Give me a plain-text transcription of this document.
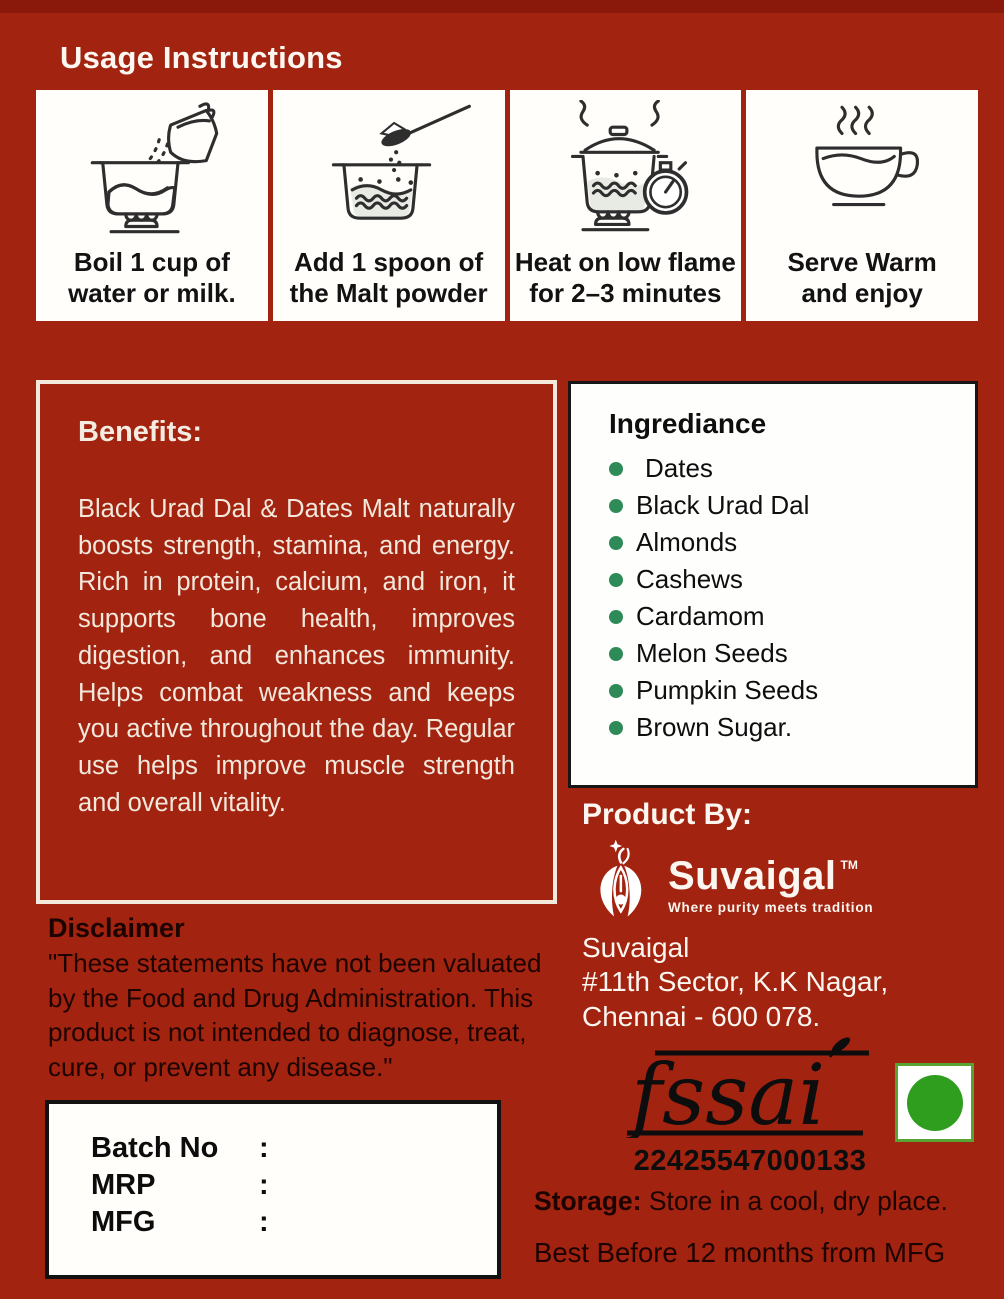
Usage Instructions
Boil 1 cup of
water or milk.
Add 1 spoon of
the Malt powder
Heat on low flame
for 2–3 minutes
Serve Warm
and enjoy
Benefits:

Black Urad Dal & Dates Malt naturally boosts strength, stamina, and energy. Rich in protein, calcium, and iron, it supports bone health, improves digestion, and enhances immunity. Helps combat weakness and keeps you active throughout the day. Regular use helps improve muscle strength and overall vitality.

Ingrediance
Dates
Black Urad Dal
Almonds
Cashews
Cardamom
Melon Seeds
Pumpkin Seeds
Brown Sugar.
Product By:
Suvaigal ™
Where purity meets tradition
Suvaigal
#11th Sector, K.K Nagar,
Chennai - 600 078.
Disclaimer

"These statements have not been valuated by the Food and Drug Administration. This product is not intended to diagnose, treat, cure, or prevent any disease."

Batch No	:
MRP	:
MFG	:
fssai
22425547000133
Storage: Store in a cool, dry place.
Best Before 12 months from MFG
